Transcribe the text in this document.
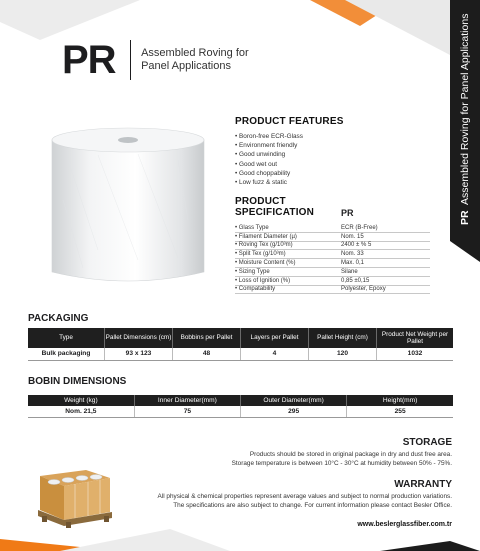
PR
Assembled Roving for Panel Applications
PR Assembled Roving for Panel Applications
PRODUCT FEATURES
• Boron-free ECR-Glass
• Environment friendly
• Good unwinding
• Good wet out
• Good choppability
• Low fuzz & static
PRODUCT
SPECIFICATION	PR
• Glass Type	ECR (B-Free)
• Filament Diameter (µ)	Nom. 15
• Roving Tex (g/10³m)	2400 ± % 5
• Split Tex (g/10³m)	Nom. 33
• Moisture Content (%)	Max. 0,1
• Sizing Type	Silane
• Loss of Ignition (%)	0,85 ±0,15
• Compatability	Polyester, Epoxy
PACKAGING
Type	Pallet Dimensions (cm)	Bobbins per Pallet	Layers per Pallet	Pallet Height (cm)	Product Net Weight per Pallet
Bulk packaging	93 x 123	48	4	120	1032
BOBIN DIMENSIONS
Weight (kg)	Inner Diameter(mm)	Outer Diameter(mm)	Height(mm)
Nom. 21,5	75	295	255
STORAGE
Products should be stored in original package in dry and dust free area.
Storage temperature is between 10°C - 30°C at humidity between 50% - 75%.
WARRANTY
All physical & chemical properties represent average values and subject to normal production variations.
The specifications are also subject to change. For current information please contact Besler Office.
www.beslerglassfiber.com.tr
